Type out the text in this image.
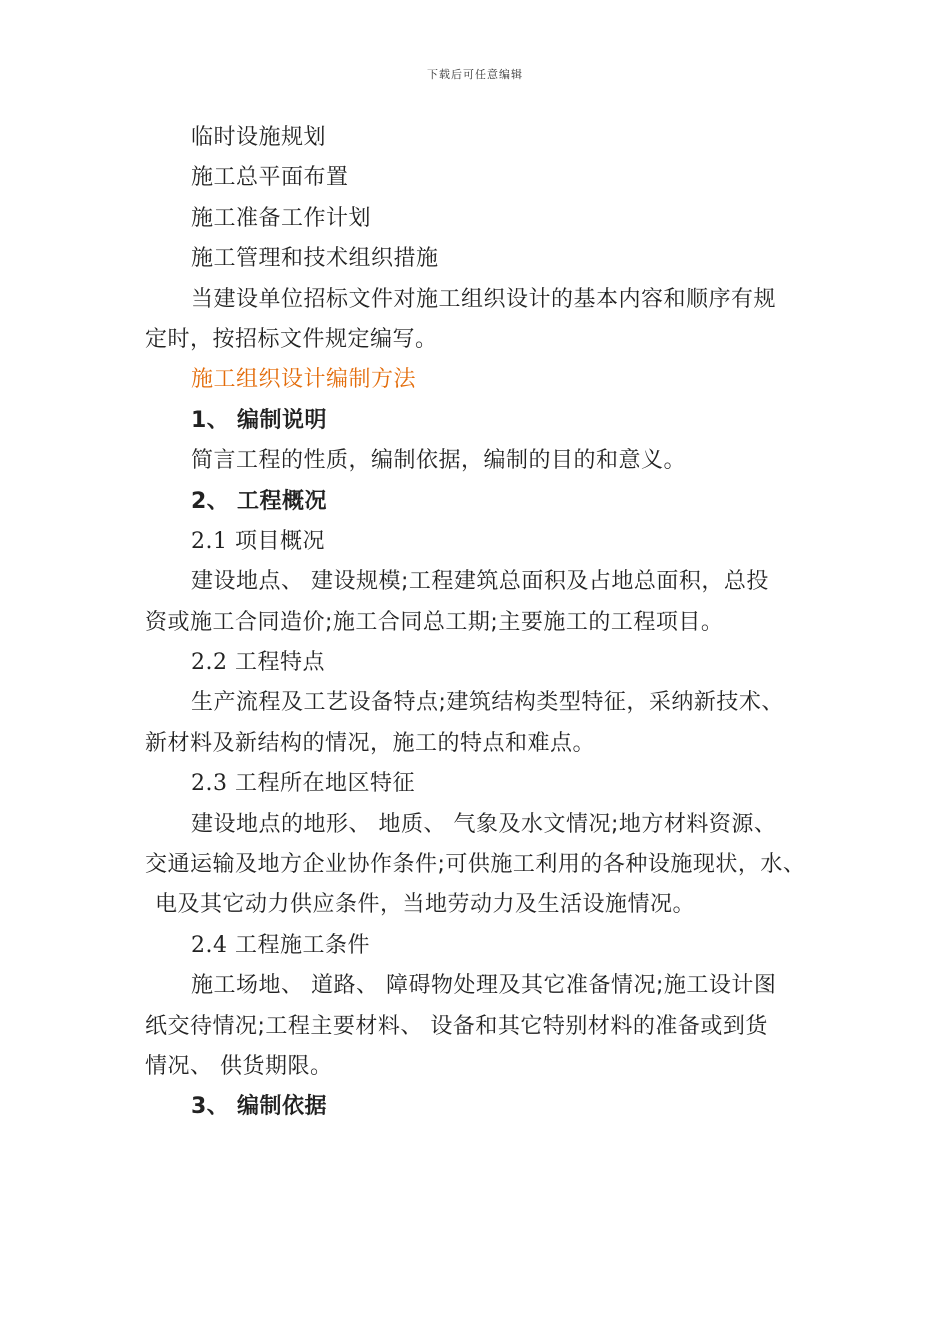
下载后可任意编辑
临时设施规划
施工总平面布置
施工准备工作计划
施工管理和技术组织措施
当建设单位招标文件对施工组织设计的基本内容和顺序有规
定时，按招标文件规定编写。
施工组织设计编制方法
1、 编制说明
简言工程的性质，编制依据，编制的目的和意义。
2、 工程概况
2.1 项目概况
建设地点、 建设规模;工程建筑总面积及占地总面积，总投
资或施工合同造价;施工合同总工期;主要施工的工程项目。
2.2 工程特点
生产流程及工艺设备特点;建筑结构类型特征，采纳新技术、
新材料及新结构的情况，施工的特点和难点。
2.3 工程所在地区特征
建设地点的地形、 地质、 气象及水文情况;地方材料资源、
交通运输及地方企业协作条件;可供施工利用的各种设施现状，水、
电及其它动力供应条件，当地劳动力及生活设施情况。
2.4 工程施工条件
施工场地、 道路、 障碍物处理及其它准备情况;施工设计图
纸交待情况;工程主要材料、 设备和其它特别材料的准备或到货
情况、 供货期限。
3、 编制依据
